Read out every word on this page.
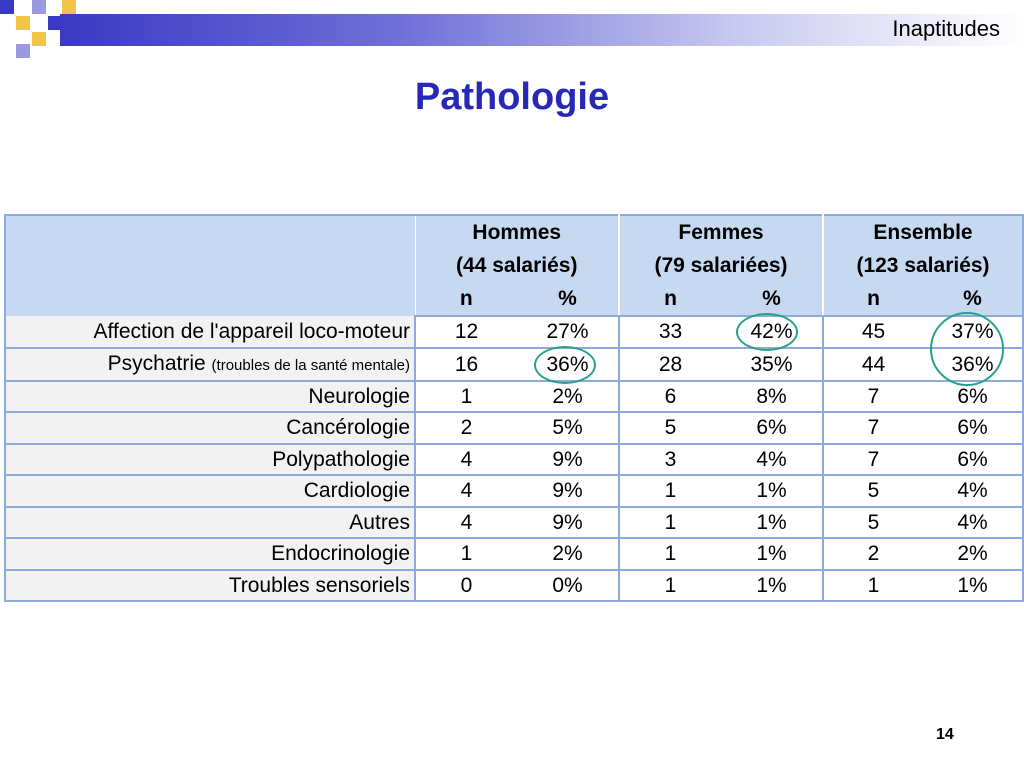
Inaptitudes
Pathologie
	Hommes		Femmes		Ensemble	
	(44 salariés)		(79 salariées)		(123 salariés)	
	n	%	n	%	n	%
Affection de l'appareil loco-moteur	12	27%	33	42%	45	37%
Psychatrie (troubles de la santé mentale)	16	36%	28	35%	44	36%
Neurologie	1	2%	6	8%	7	6%
Cancérologie	2	5%	5	6%	7	6%
Polypathologie	4	9%	3	4%	7	6%
Cardiologie	4	9%	1	1%	5	4%
Autres	4	9%	1	1%	5	4%
Endocrinologie	1	2%	1	1%	2	2%
Troubles sensoriels	0	0%	1	1%	1	1%
14
